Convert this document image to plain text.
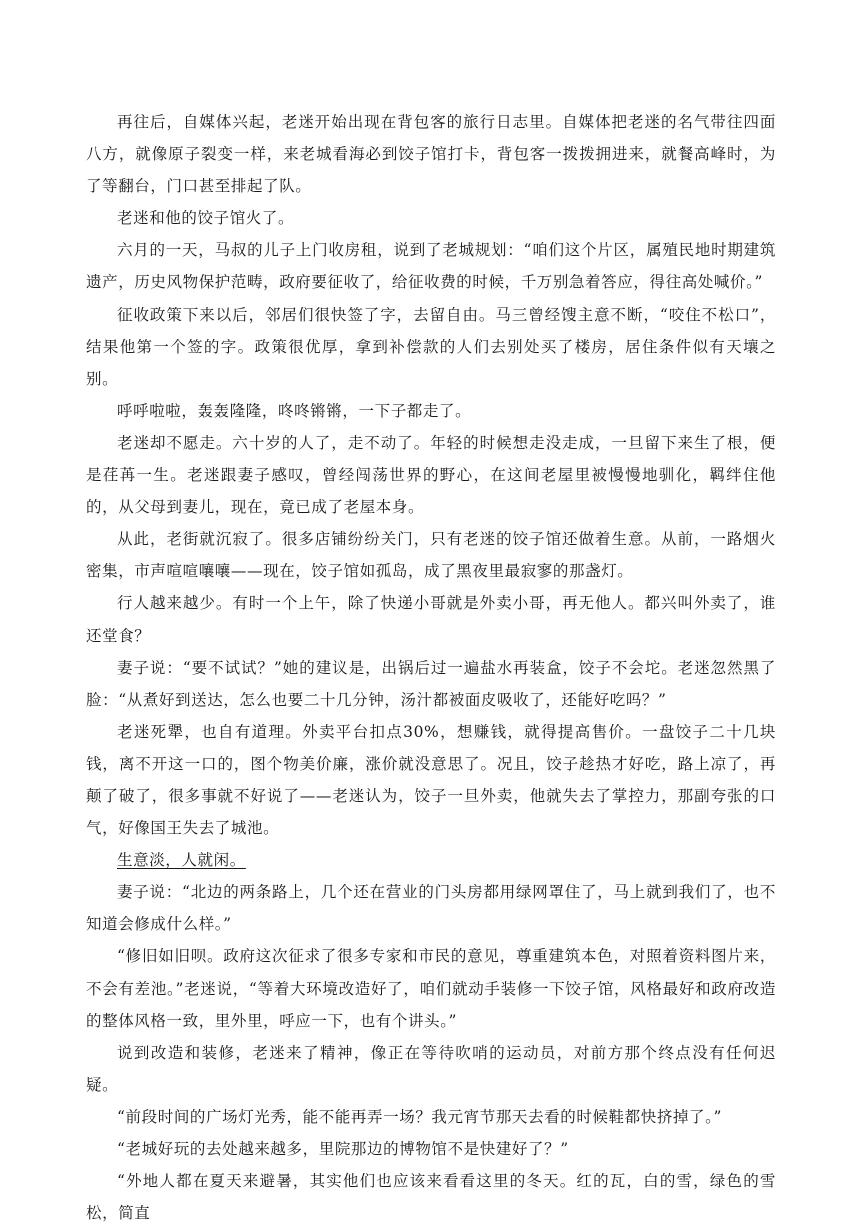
再往后，自媒体兴起，老迷开始出现在背包客的旅行日志里。自媒体把老迷的名气带往四面八方，就像原子裂变一样，来老城看海必到饺子馆打卡，背包客一拨拨拥进来，就餐高峰时，为了等翻台，门口甚至排起了队。

老迷和他的饺子馆火了。

六月的一天，马叔的儿子上门收房租，说到了老城规划：“咱们这个片区，属殖民地时期建筑遗产，历史风物保护范畴，政府要征收了，给征收费的时候，千万别急着答应，得往高处喊价。”

征收政策下来以后，邻居们很快签了字，去留自由。马三曾经馊主意不断，“咬住不松口”，结果他第一个签的字。政策很优厚，拿到补偿款的人们去别处买了楼房，居住条件似有天壤之别。

呼呼啦啦，轰轰隆隆，咚咚锵锵，一下子都走了。

老迷却不愿走。六十岁的人了，走不动了。年轻的时候想走没走成，一旦留下来生了根，便是荏苒一生。老迷跟妻子感叹，曾经闯荡世界的野心，在这间老屋里被慢慢地驯化，羁绊住他的，从父母到妻儿，现在，竟已成了老屋本身。

从此，老街就沉寂了。很多店铺纷纷关门，只有老迷的饺子馆还做着生意。从前，一路烟火密集，市声喧喧嚷嚷——现在，饺子馆如孤岛，成了黑夜里最寂寥的那盏灯。

行人越来越少。有时一个上午，除了快递小哥就是外卖小哥，再无他人。都兴叫外卖了，谁还堂食？

妻子说：“要不试试？”她的建议是，出锅后过一遍盐水再装盒，饺子不会坨。老迷忽然黑了脸：“从煮好到送达，怎么也要二十几分钟，汤汁都被面皮吸收了，还能好吃吗？”

老迷死犟，也自有道理。外卖平台扣点30%，想赚钱，就得提高售价。一盘饺子二十几块钱，离不开这一口的，图个物美价廉，涨价就没意思了。况且，饺子趁热才好吃，路上凉了，再颠了破了，很多事就不好说了——老迷认为，饺子一旦外卖，他就失去了掌控力，那副夸张的口气，好像国王失去了城池。

生意淡，人就闲。

妻子说：“北边的两条路上，几个还在营业的门头房都用绿网罩住了，马上就到我们了，也不知道会修成什么样。”

“修旧如旧呗。政府这次征求了很多专家和市民的意见，尊重建筑本色，对照着资料图片来，不会有差池。”老迷说，“等着大环境改造好了，咱们就动手装修一下饺子馆，风格最好和政府改造的整体风格一致，里外里，呼应一下，也有个讲头。”

说到改造和装修，老迷来了精神，像正在等待吹哨的运动员，对前方那个终点没有任何迟疑。

“前段时间的广场灯光秀，能不能再弄一场？我元宵节那天去看的时候鞋都快挤掉了。”

“老城好玩的去处越来越多，里院那边的博物馆不是快建好了？”

“外地人都在夏天来避暑，其实他们也应该来看看这里的冬天。红的瓦，白的雪，绿色的雪松，简直
